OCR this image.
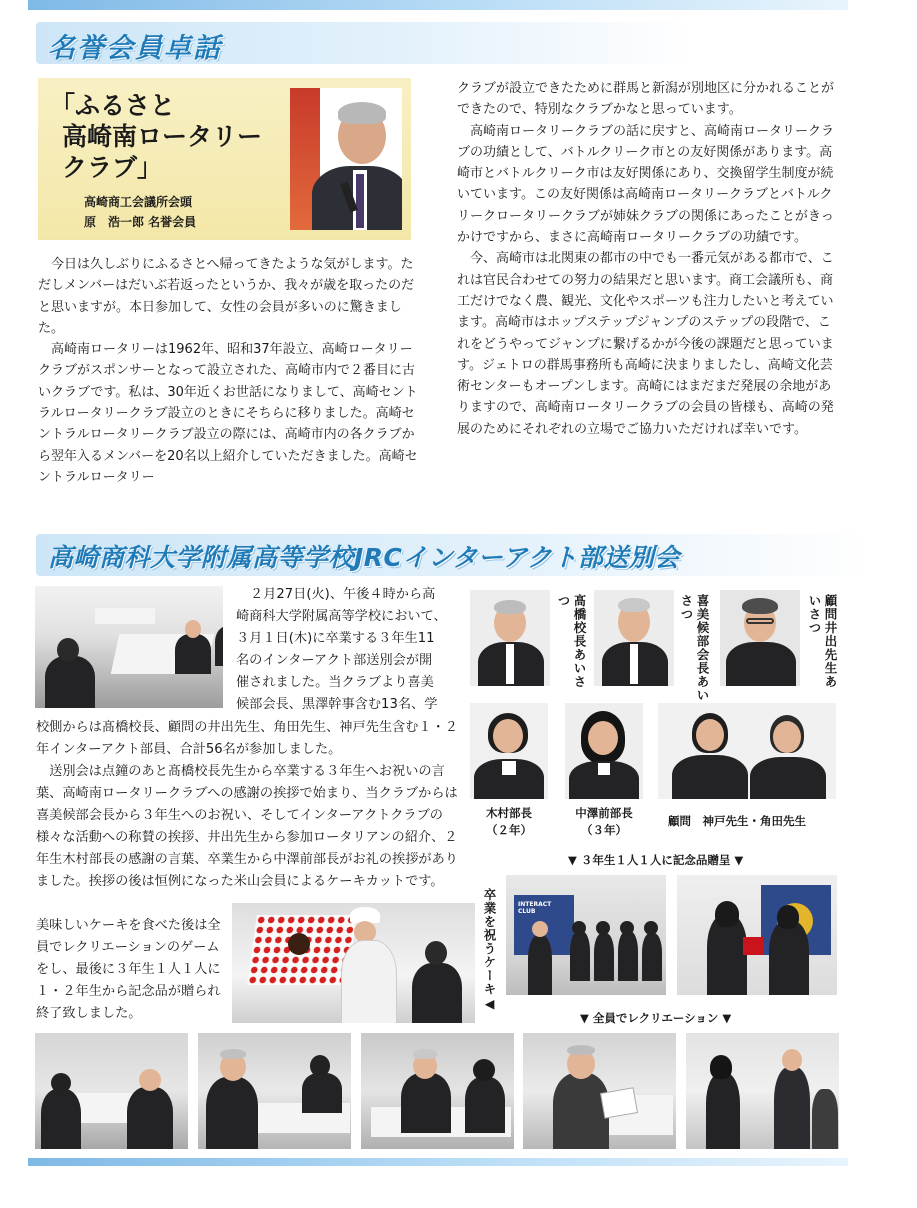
名誉会員卓話
「ふるさと
高崎南ロータリー
クラブ」
高崎商工会議所会頭
原　浩一郎 名誉会員

今日は久しぶりにふるさとへ帰ってきたような気がします。ただしメンバーはだいぶ若返ったというか、我々が歳を取ったのだと思いますが。本日参加して、女性の会員が多いのに驚きました。

高崎南ロータリーは1962年、昭和37年設立、高崎ロータリークラブがスポンサーとなって設立された、高崎市内で２番目に古いクラブです。私は、30年近くお世話になりまして、高崎セントラルロータリークラブ設立のときにそちらに移りました。高崎セントラルロータリークラブ設立の際には、高崎市内の各クラブから翌年入るメンバーを20名以上紹介していただきました。高崎セントラルロータリー

クラブが設立できたために群馬と新潟が別地区に分かれることができたので、特別なクラブかなと思っています。

高崎南ロータリークラブの話に戻すと、高崎南ロータリークラブの功績として、バトルクリーク市との友好関係があります。高崎市とバトルクリーク市は友好関係にあり、交換留学生制度が続いています。この友好関係は高崎南ロータリークラブとバトルクリークロータリークラブが姉妹クラブの関係にあったことがきっかけですから、まさに高崎南ロータリークラブの功績です。

今、高崎市は北関東の都市の中でも一番元気がある都市で、これは官民合わせての努力の結果だと思います。商工会議所も、商工だけでなく農、観光、文化やスポーツも注力したいと考えています。高崎市はホップステップジャンプのステップの段階で、これをどうやってジャンプに繋げるかが今後の課題だと思っています。ジェトロの群馬事務所も高崎に決まりましたし、高崎文化芸術センターもオープンします。高崎にはまだまだ発展の余地がありますので、高崎南ロータリークラブの会員の皆様も、高崎の発展のためにそれぞれの立場でご協力いただければ幸いです。

高崎商科大学附属高等学校JRCインターアクト部送別会
２月27日(火)、午後４時から高
崎商科大学附属高等学校において、
３月１日(木)に卒業する３年生11
名のインターアクト部送別会が開
催されました。当クラブより喜美
候部会長、黒澤幹事含む13名、学

校側からは髙橋校長、顧問の井出先生、角田先生、神戸先生含む１・２年インターアクト部員、合計56名が参加しました。

送別会は点鐘のあと髙橋校長先生から卒業する３年生へお祝いの言葉、高崎南ロータリークラブへの感謝の挨拶で始まり、当クラブからは喜美候部会長から３年生へのお祝い、そしてインターアクトクラブの様々な活動への称賛の挨拶、井出先生から参加ロータリアンの紹介、２年生木村部長の感謝の言葉、卒業生から中澤前部長がお礼の挨拶がありました。挨拶の後は恒例になった米山会員によるケーキカットです。

美味しいケーキを食べた後は全員でレクリエーションのゲームをし、最後に３年生１人１人に１・２年生から記念品が贈られ終了致しました。

髙橋校長あいさつ	喜美候部会長あいさつ	顧問井出先生あいさつ
木村部長
（２年）
中澤前部長
（３年）
顧問　神戸先生・角田先生
▼ ３年生１人１人に記念品贈呈 ▼
INTERACT CLUB
卒業を祝うケーキ◀
▼ 全員でレクリエーション ▼
